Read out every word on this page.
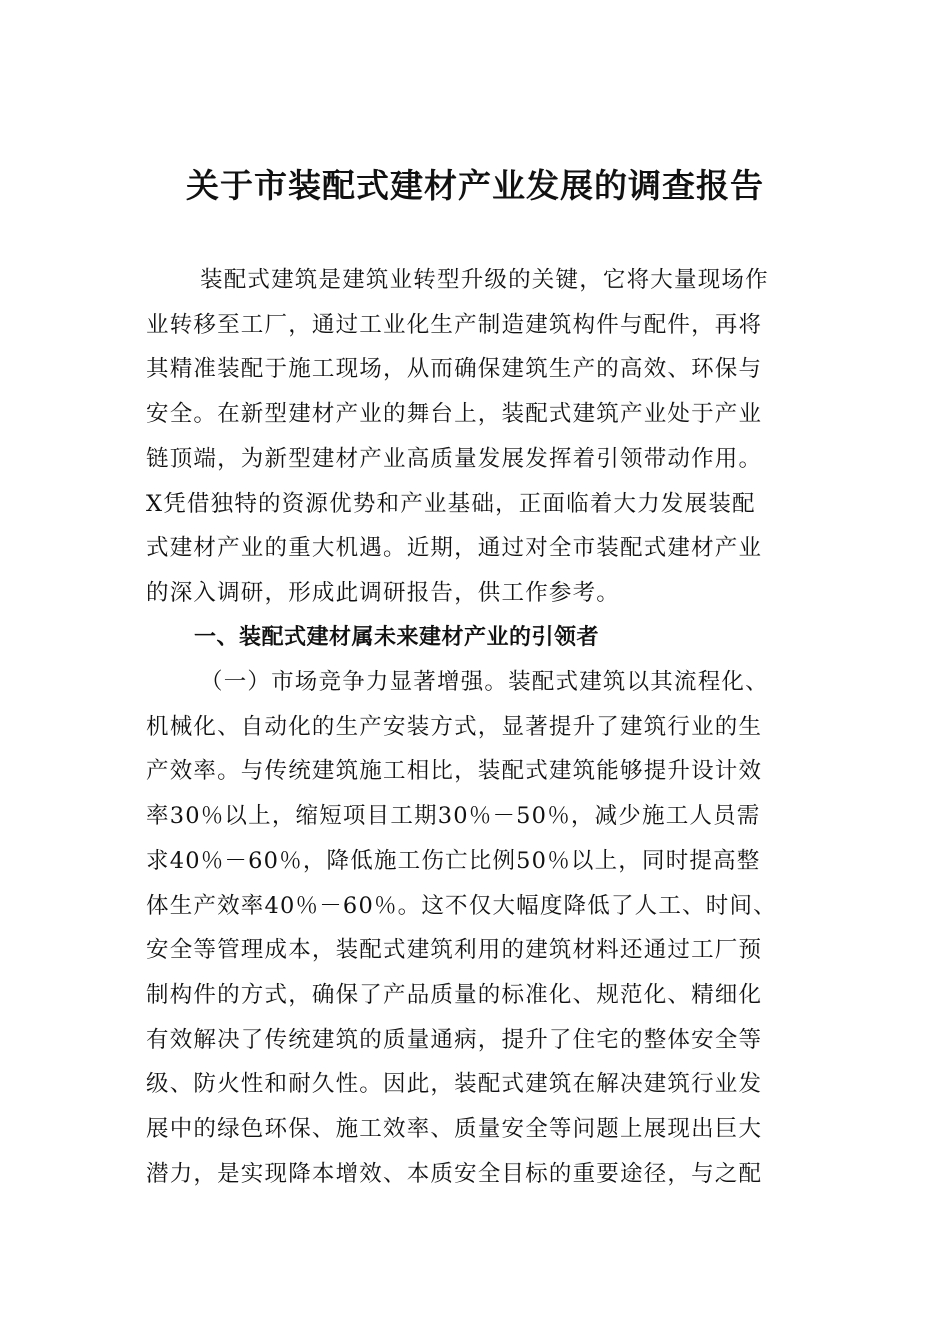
关于市装配式建材产业发展的调查报告
装配式建筑是建筑业转型升级的关键，它将大量现场作
业转移至工厂，通过工业化生产制造建筑构件与配件，再将
其精准装配于施工现场，从而确保建筑生产的高效、环保与
安全。在新型建材产业的舞台上，装配式建筑产业处于产业
链顶端，为新型建材产业高质量发展发挥着引领带动作用。
X凭借独特的资源优势和产业基础，正面临着大力发展装配
式建材产业的重大机遇。近期，通过对全市装配式建材产业
的深入调研，形成此调研报告，供工作参考。
一、装配式建材属未来建材产业的引领者
（一）市场竞争力显著增强。装配式建筑以其流程化、
机械化、自动化的生产安装方式，显著提升了建筑行业的生
产效率。与传统建筑施工相比，装配式建筑能够提升设计效
率30％以上，缩短项目工期30％－50％，减少施工人员需
求40％－60％，降低施工伤亡比例50％以上，同时提高整
体生产效率40％－60％。这不仅大幅度降低了人工、时间、
安全等管理成本，装配式建筑利用的建筑材料还通过工厂预
制构件的方式，确保了产品质量的标准化、规范化、精细化
有效解决了传统建筑的质量通病，提升了住宅的整体安全等
级、防火性和耐久性。因此，装配式建筑在解决建筑行业发
展中的绿色环保、施工效率、质量安全等问题上展现出巨大
潜力，是实现降本增效、本质安全目标的重要途径，与之配
